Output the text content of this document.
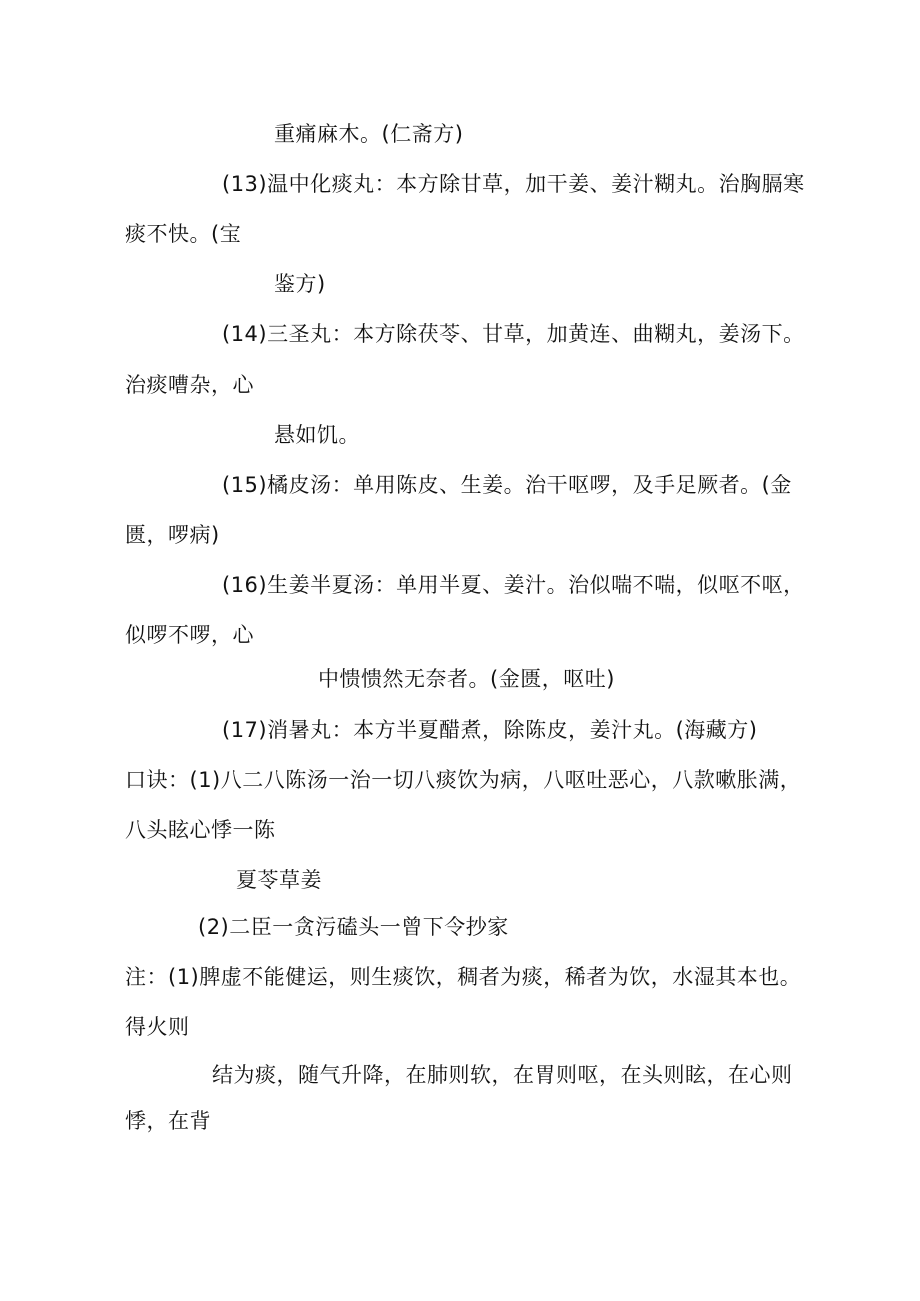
重痛麻木。(仁斋方)
(13)温中化痰丸：本方除甘草，加干姜、姜汁糊丸。治胸膈寒
痰不快。(宝
鉴方)
(14)三圣丸：本方除茯苓、甘草，加黄连、曲糊丸，姜汤下。
治痰嘈杂，心
悬如饥。
(15)橘皮汤：单用陈皮、生姜。治干呕啰，及手足厥者。(金
匮，啰病)
(16)生姜半夏汤：单用半夏、姜汁。治似喘不喘，似呕不呕，
似啰不啰，心
中愦愦然无奈者。(金匮，呕吐)
(17)消暑丸：本方半夏醋煮，除陈皮，姜汁丸。(海藏方)
口诀：(1)八二八陈汤一治一切八痰饮为病，八呕吐恶心，八款嗽胀满，
八头眩心悸一陈
夏苓草姜
(2)二臣一贪污磕头一曾下令抄家
注：(1)脾虚不能健运，则生痰饮，稠者为痰，稀者为饮，水湿其本也。
得火则
结为痰，随气升降，在肺则软，在胃则呕，在头则眩，在心则
悸，在背
